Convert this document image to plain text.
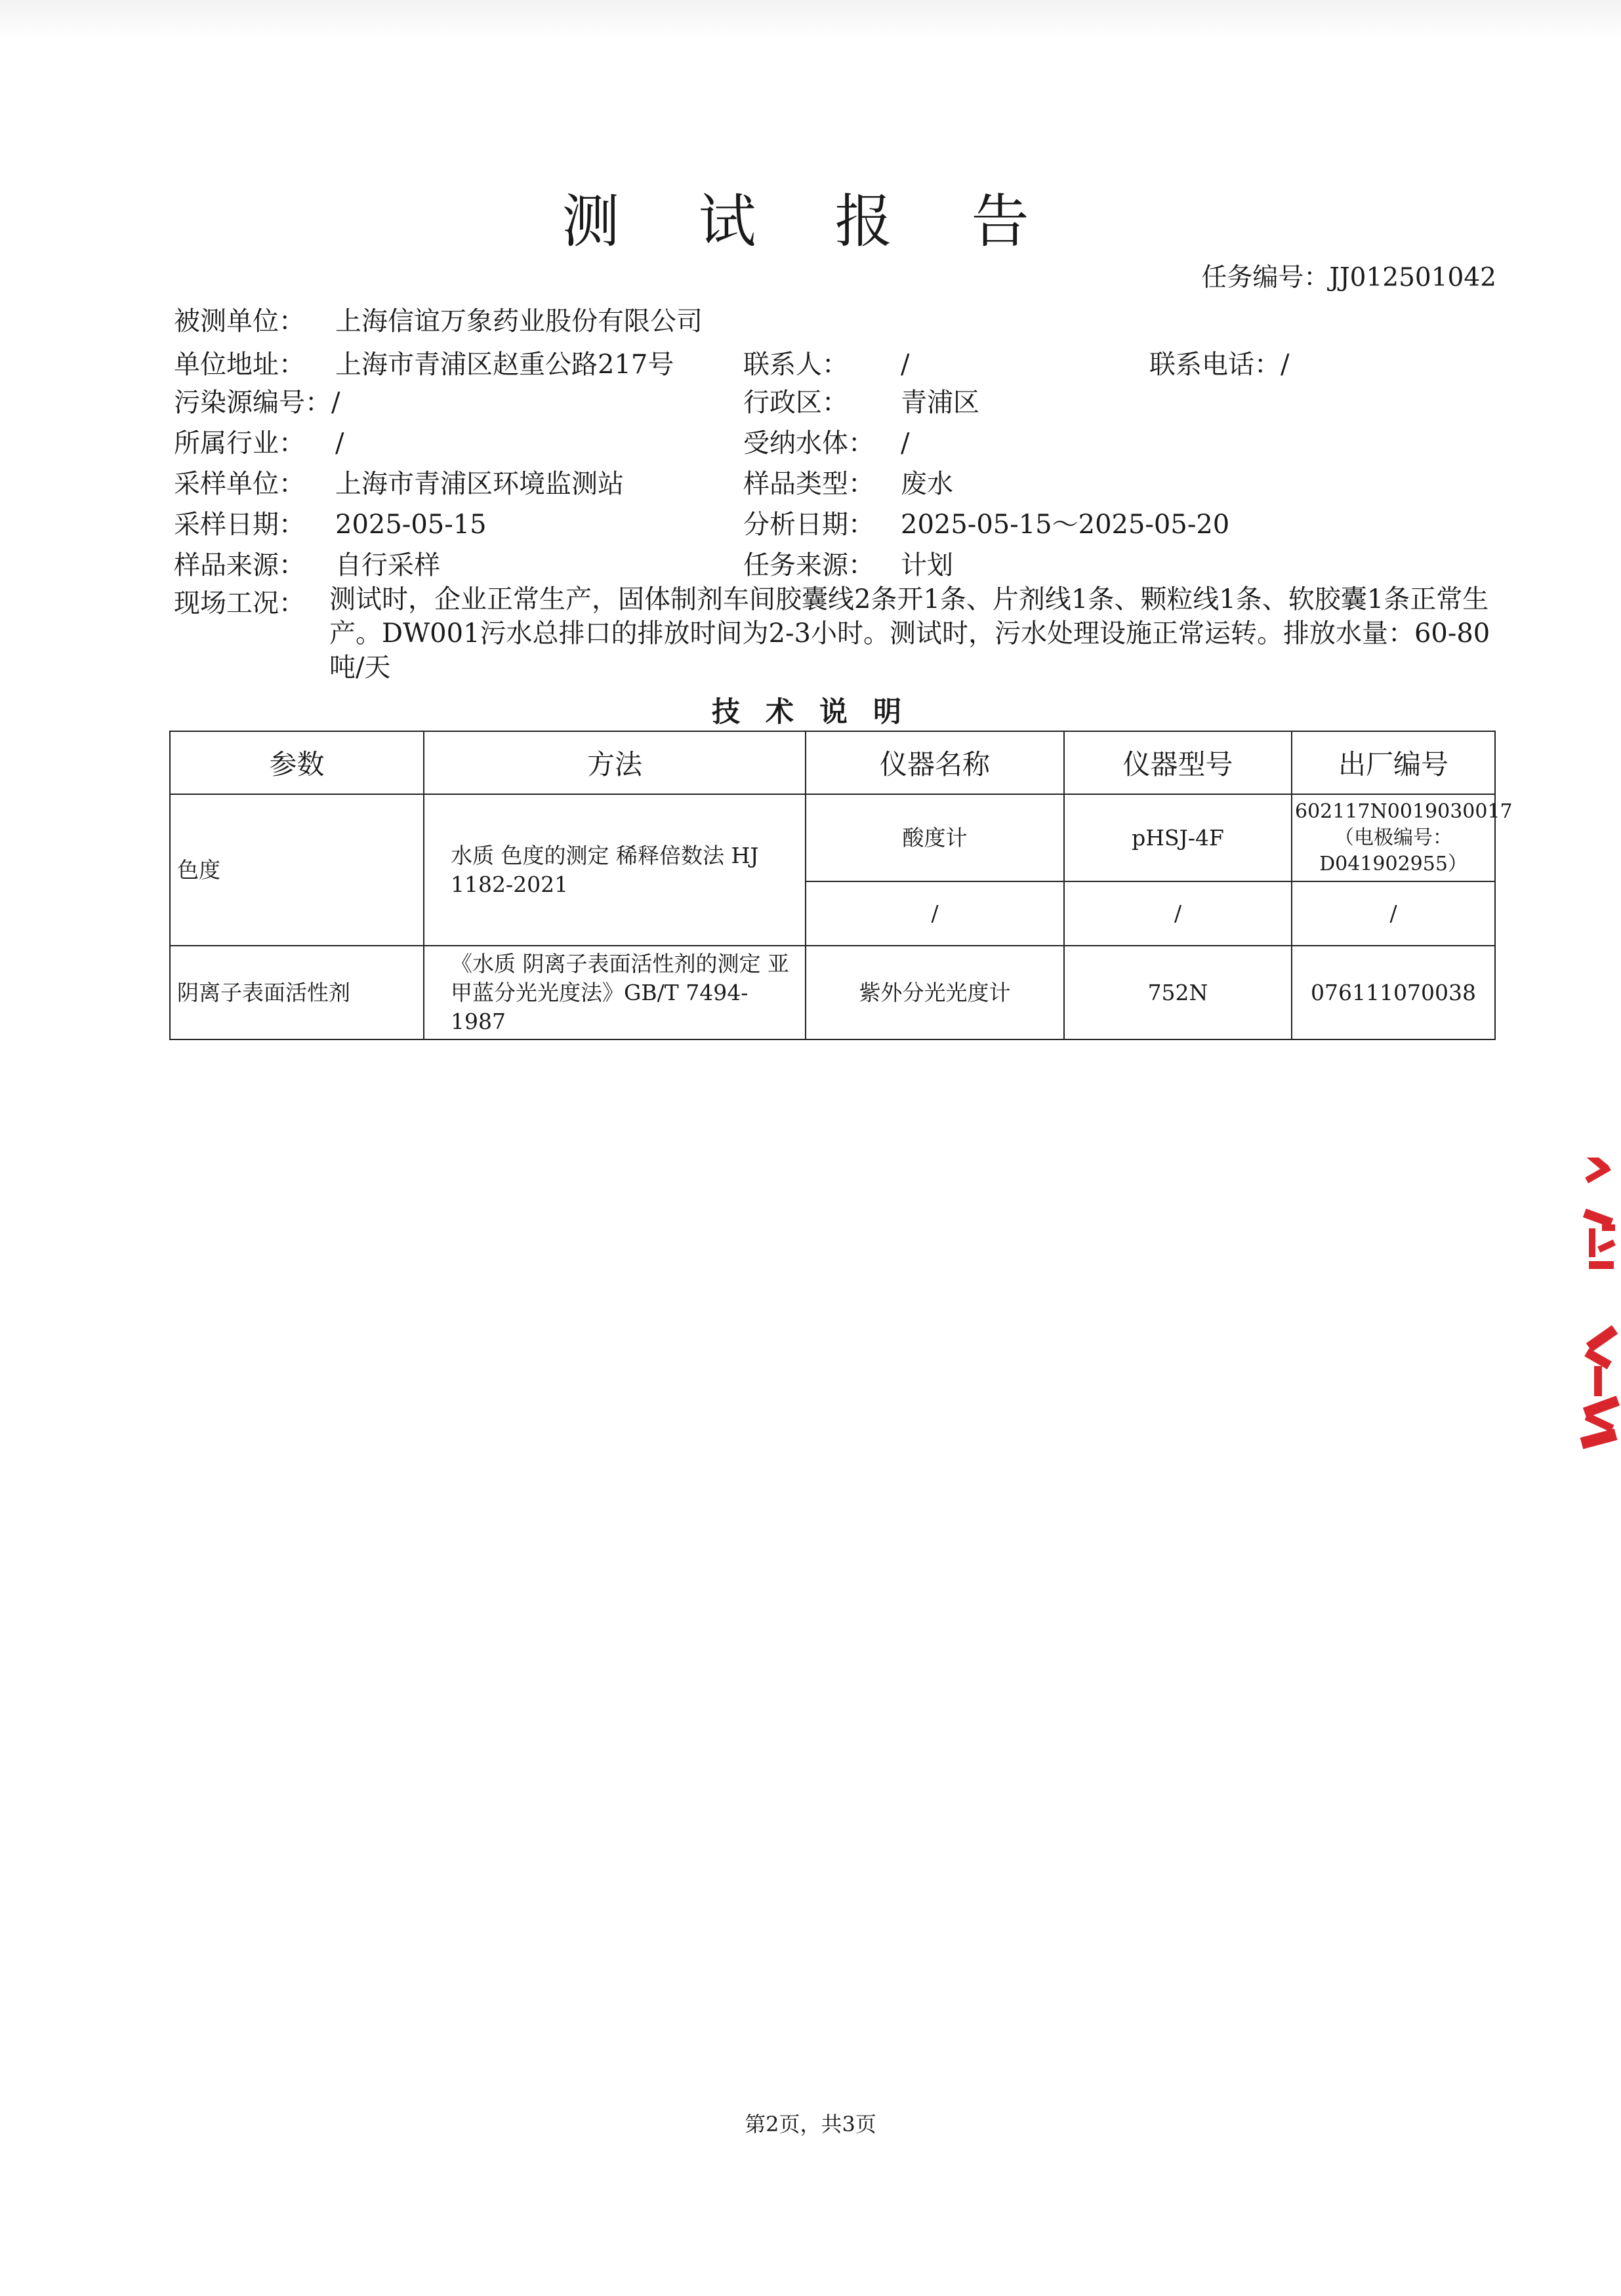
测 试 报 告
任务编号：JJ012501042
被测单位： 上海信谊万象药业股份有限公司
单位地址： 上海市青浦区赵重公路217号	联系人： /	联系电话：/
污染源编号：/	行政区： 青浦区
所属行业： /	受纳水体： /
采样单位： 上海市青浦区环境监测站	样品类型： 废水
采样日期： 2025-05-15	分析日期： 2025-05-15～2025-05-20
样品来源： 自行采样	任务来源： 计划
现场工况： 测试时，企业正常生产，固体制剂车间胶囊线2条开1条、片剂线1条、颗粒线1条、软胶囊1条正常生产。DW001污水总排口的排放时间为2-3小时。测试时，污水处理设施正常运转。排放水量：60-80吨/天
技 术 说 明
参数	方法	仪器名称	仪器型号	出厂编号
色度	水质 色度的测定 稀释倍数法 HJ 1182-2021	酸度计	pHSJ-4F	602117N0019030017（电极编号：D041902955）
		/	/	/
阴离子表面活性剂	《水质 阴离子表面活性剂的测定 亚甲蓝分光光度法》GB/T 7494-1987	紫外分光光度计	752N	076111070038
第2页，共3页
